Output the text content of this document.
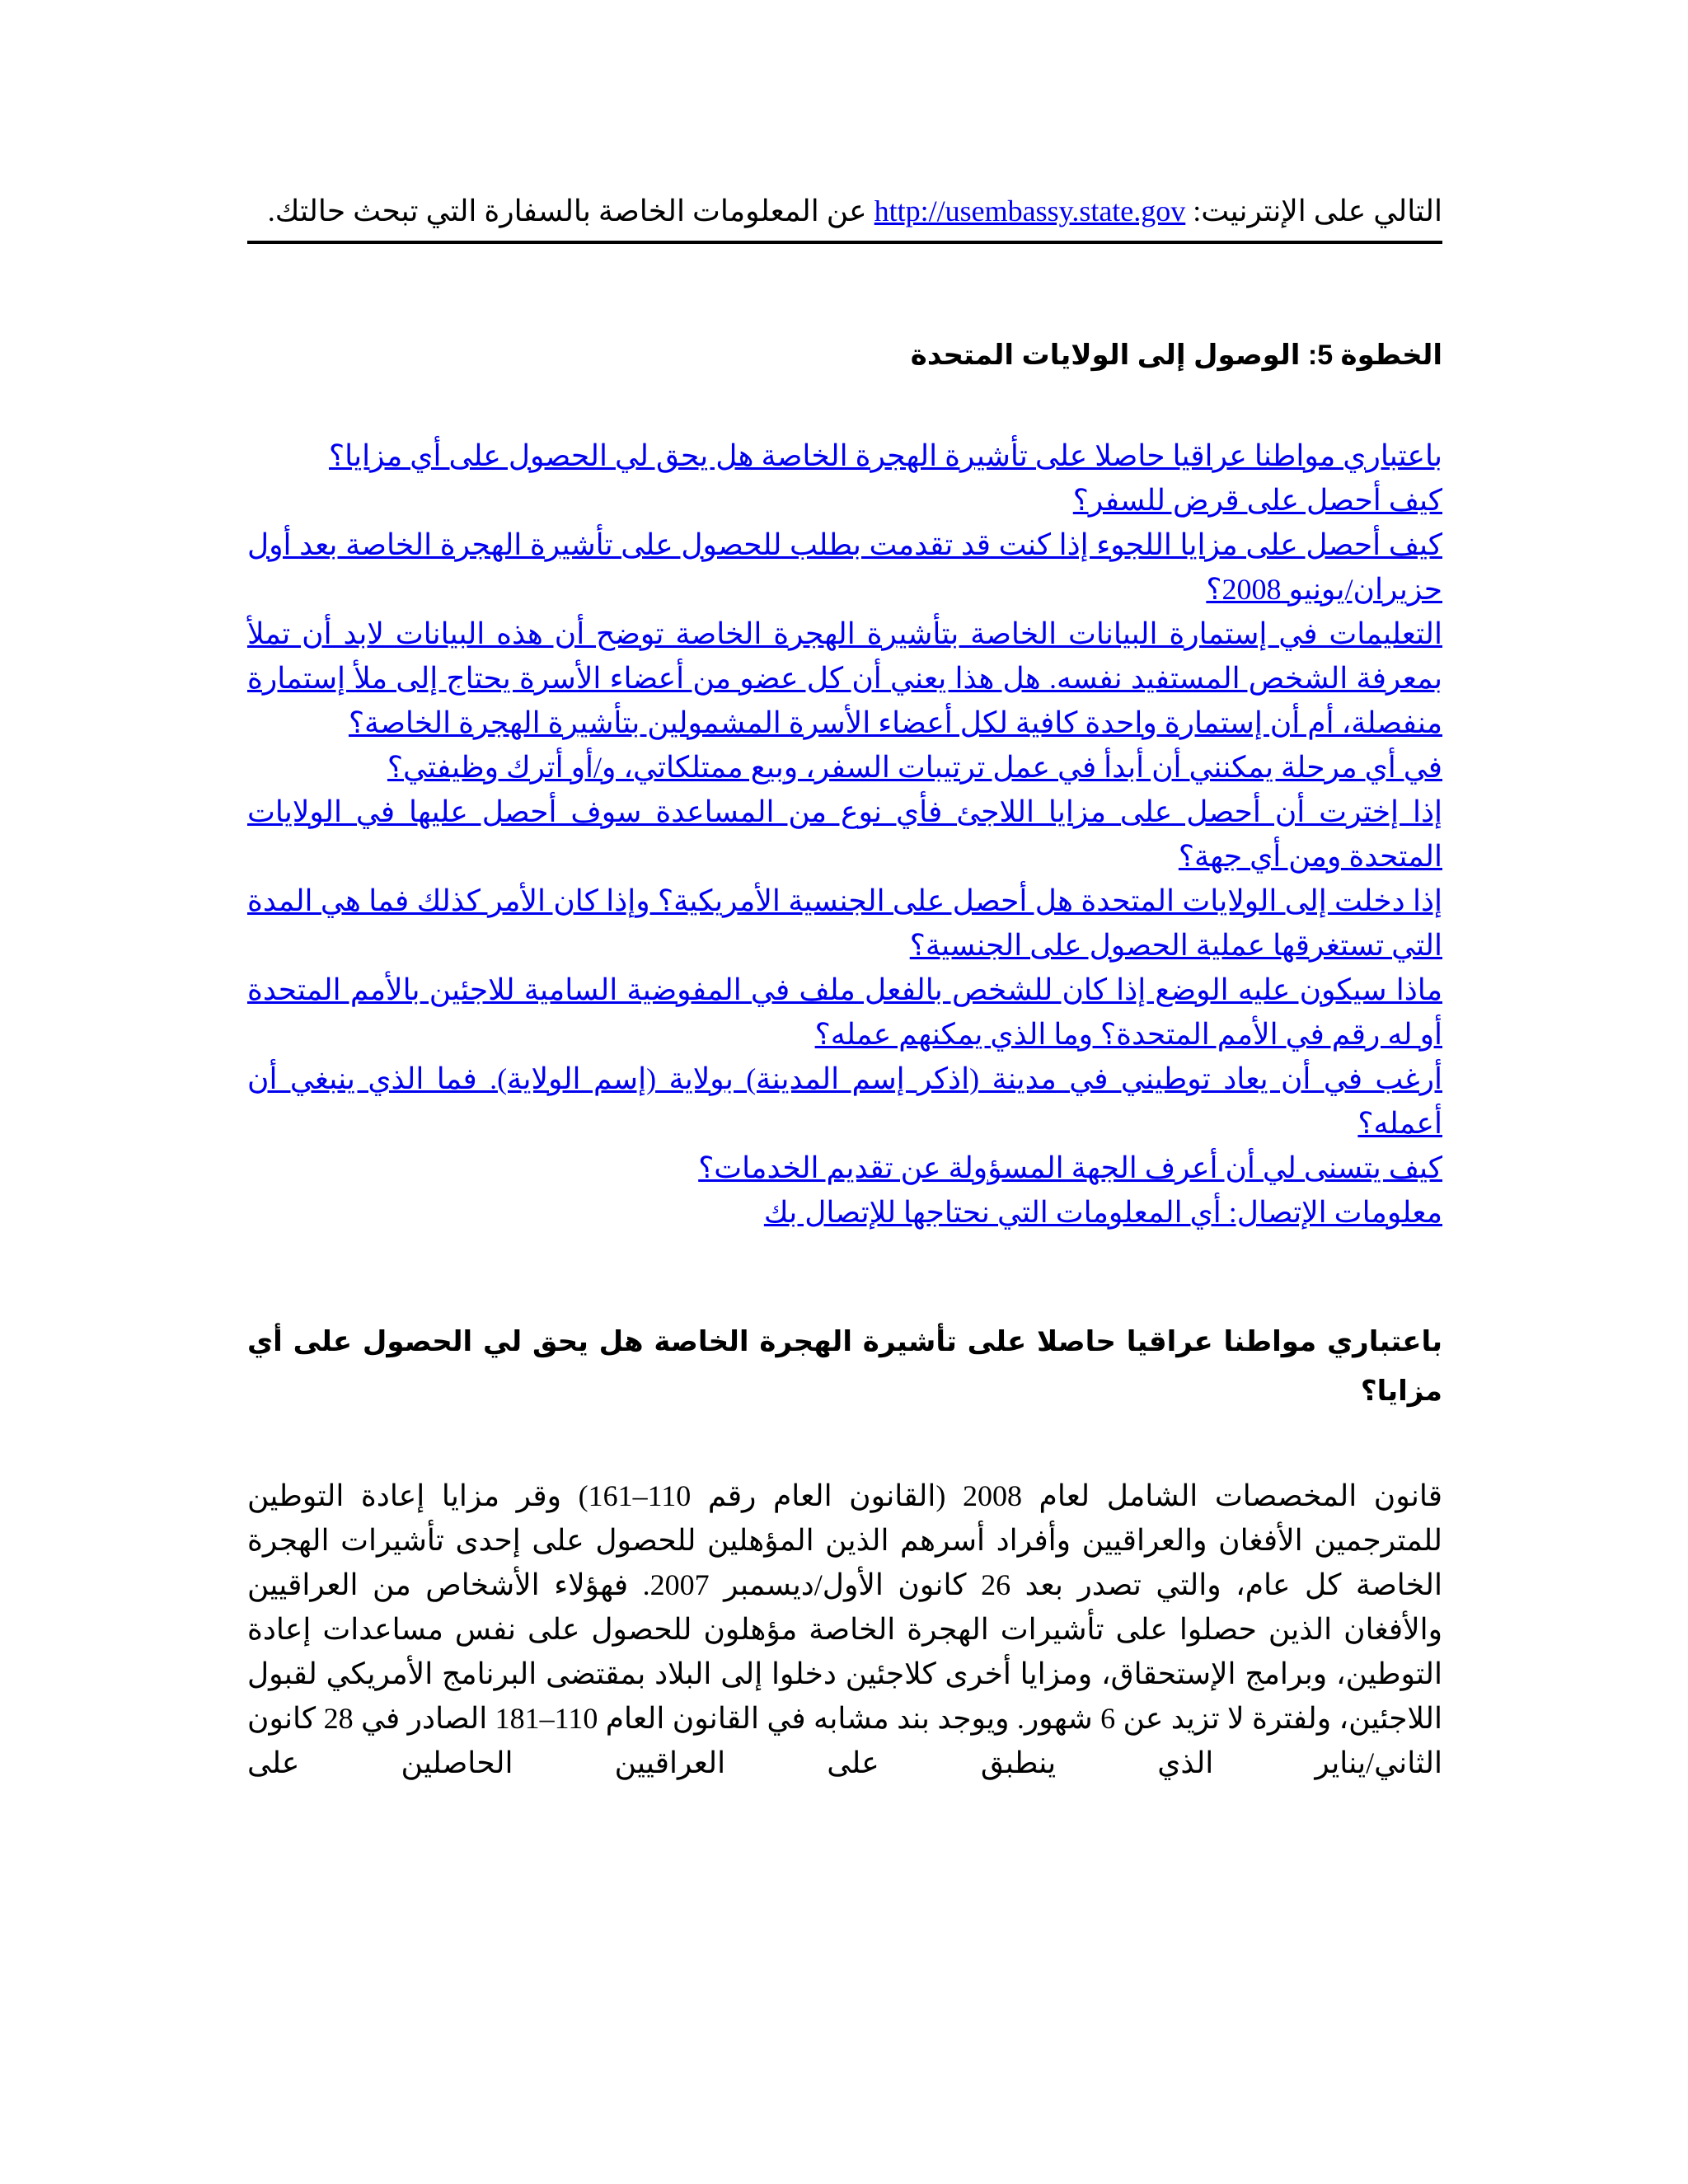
التالي على الإنترنيت: http://usembassy.state.gov عن المعلومات الخاصة بالسفارة التي تبحث حالتك.

الخطوة 5: الوصول إلى الولايات المتحدة
باعتباري مواطنا عراقيا حاصلا على تأشيرة الهجرة الخاصة هل يحق لي الحصول على أي مزايا؟
كيف أحصل على قرض للسفر؟
كيف أحصل على مزايا اللجوء إذا كنت قد تقدمت بطلب للحصول على تأشيرة الهجرة الخاصة بعد أول حزيران/يونيو 2008؟
التعليمات في إستمارة البيانات الخاصة بتأشيرة الهجرة الخاصة توضح أن هذه البيانات لابد أن تملأ بمعرفة الشخص المستفيد نفسه. هل هذا يعني أن كل عضو من أعضاء الأسرة يحتاج إلى ملأ إستمارة منفصلة، أم أن إستمارة واحدة كافية لكل أعضاء الأسرة المشمولين بتأشيرة الهجرة الخاصة؟
في أي مرحلة يمكنني أن أبدأ في عمل ترتيبات السفر، وبيع ممتلكاتي، و/أو أترك وظيفتي؟
إذا إخترت أن أحصل على مزايا اللاجئ فأي نوع من المساعدة سوف أحصل عليها في الولايات المتحدة ومن أي جهة؟
إذا دخلت إلى الولايات المتحدة هل أحصل على الجنسية الأمريكية؟ وإذا كان الأمر كذلك فما هي المدة التي تستغرقها عملية الحصول على الجنسية؟
ماذا سيكون عليه الوضع إذا كان للشخص بالفعل ملف في المفوضية السامية للاجئين بالأمم المتحدة أو له رقم في الأمم المتحدة؟ وما الذي يمكنهم عمله؟
أرغب في أن يعاد توطيني في مدينة (اذكر إسم المدينة) بولاية (إسم الولاية). فما الذي ينبغي أن أعمله؟
كيف يتسنى لي أن أعرف الجهة المسؤولة عن تقديم الخدمات؟
معلومات الإتصال: أي المعلومات التي نحتاجها للإتصال بك
باعتباري مواطنا عراقيا حاصلا على تأشيرة الهجرة الخاصة هل يحق لي الحصول على أي مزايا؟

قانون المخصصات الشامل لعام 2008 (القانون العام رقم 110–161) وقر مزايا إعادة التوطين للمترجمين الأفغان والعراقيين وأفراد أسرهم الذين المؤهلين للحصول على إحدى تأشيرات الهجرة الخاصة كل عام، والتي تصدر بعد 26 كانون الأول/ديسمبر 2007. فهؤلاء الأشخاص من العراقيين والأفغان الذين حصلوا على تأشيرات الهجرة الخاصة مؤهلون للحصول على نفس مساعدات إعادة التوطين، وبرامج الإستحقاق، ومزايا أخرى كلاجئين دخلوا إلى البلاد بمقتضى البرنامج الأمريكي لقبول اللاجئين، ولفترة لا تزيد عن 6 شهور. ويوجد بند مشابه في القانون العام 110–181 الصادر في 28 كانون الثاني/يناير الذي ينطبق على العراقيين الحاصلين على
